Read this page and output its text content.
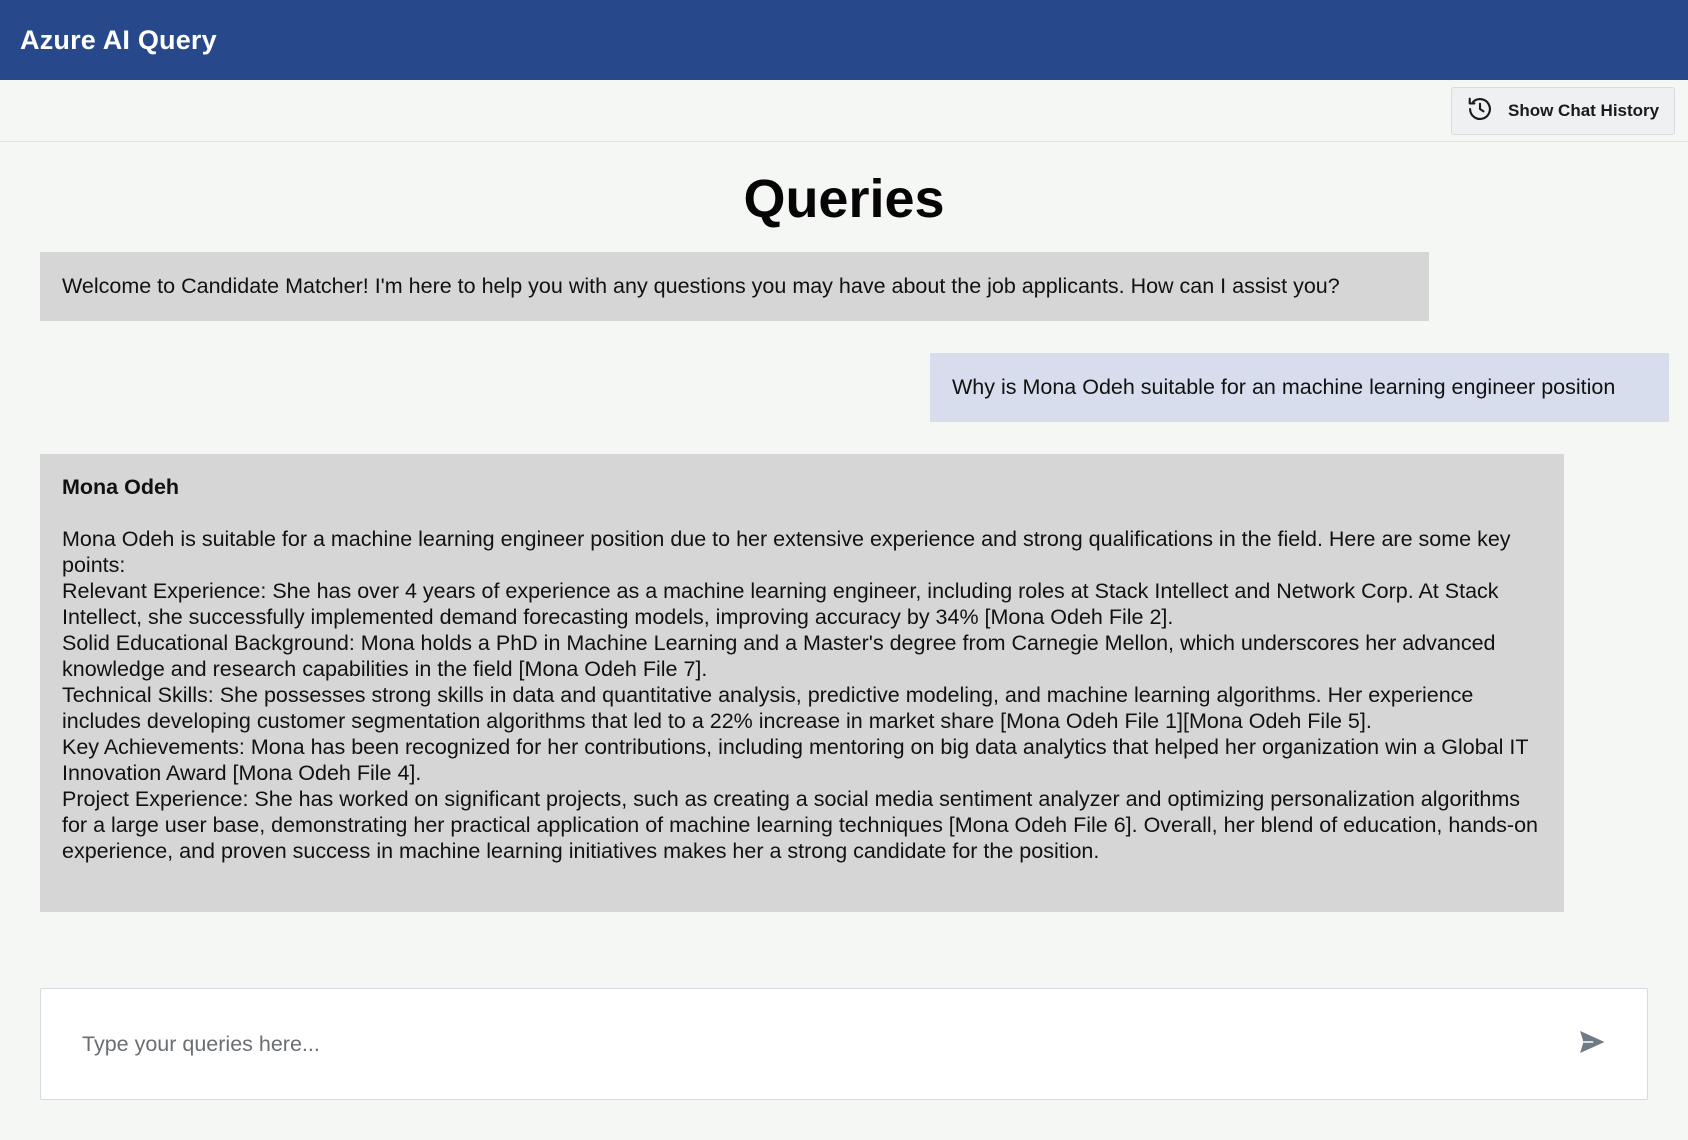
Azure AI Query
Show Chat History
Queries
Welcome to Candidate Matcher! I'm here to help you with any questions you may have about the job applicants. How can I assist you?
Why is Mona Odeh suitable for an machine learning engineer position
Mona Odeh
Mona Odeh is suitable for a machine learning engineer position due to her extensive experience and strong qualifications in the field. Here are some key points:
Relevant Experience: She has over 4 years of experience as a machine learning engineer, including roles at Stack Intellect and Network Corp. At Stack Intellect, she successfully implemented demand forecasting models, improving accuracy by 34% [Mona Odeh File 2].
Solid Educational Background: Mona holds a PhD in Machine Learning and a Master's degree from Carnegie Mellon, which underscores her advanced knowledge and research capabilities in the field [Mona Odeh File 7].
Technical Skills: She possesses strong skills in data and quantitative analysis, predictive modeling, and machine learning algorithms. Her experience includes developing customer segmentation algorithms that led to a 22% increase in market share [Mona Odeh File 1][Mona Odeh File 5].
Key Achievements: Mona has been recognized for her contributions, including mentoring on big data analytics that helped her organization win a Global IT Innovation Award [Mona Odeh File 4].
Project Experience: She has worked on significant projects, such as creating a social media sentiment analyzer and optimizing personalization algorithms for a large user base, demonstrating her practical application of machine learning techniques [Mona Odeh File 6]. Overall, her blend of education, hands-on experience, and proven success in machine learning initiatives makes her a strong candidate for the position.
Type your queries here...
